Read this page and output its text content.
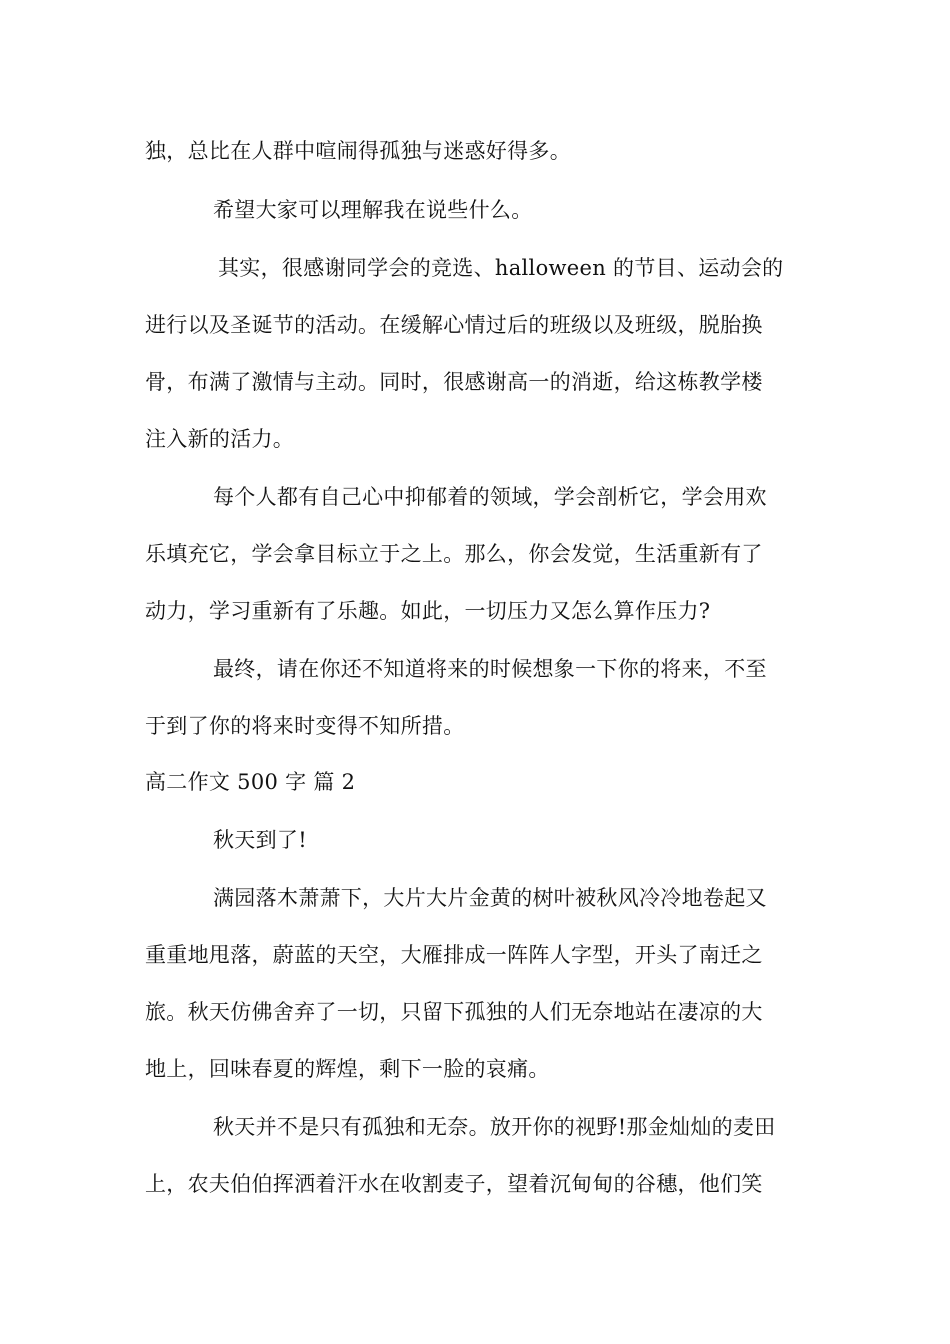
独，总比在人群中喧闹得孤独与迷惑好得多。
希望大家可以理解我在说些什么。
其实，很感谢同学会的竞选、halloween 的节目、运动会的
进行以及圣诞节的活动。在缓解心情过后的班级以及班级，脱胎换
骨，布满了激情与主动。同时，很感谢高一的消逝，给这栋教学楼
注入新的活力。
每个人都有自己心中抑郁着的领域，学会剖析它，学会用欢
乐填充它，学会拿目标立于之上。那么，你会发觉，生活重新有了
动力，学习重新有了乐趣。如此，一切压力又怎么算作压力?
最终，请在你还不知道将来的时候想象一下你的将来，不至
于到了你的将来时变得不知所措。
高二作文 500 字 篇 2
秋天到了!
满园落木萧萧下，大片大片金黄的树叶被秋风冷冷地卷起又
重重地甩落，蔚蓝的天空，大雁排成一阵阵人字型，开头了南迁之
旅。秋天仿佛舍弃了一切，只留下孤独的人们无奈地站在凄凉的大
地上，回味春夏的辉煌，剩下一脸的哀痛。
秋天并不是只有孤独和无奈。放开你的视野!那金灿灿的麦田
上，农夫伯伯挥洒着汗水在收割麦子，望着沉甸甸的谷穗，他们笑
